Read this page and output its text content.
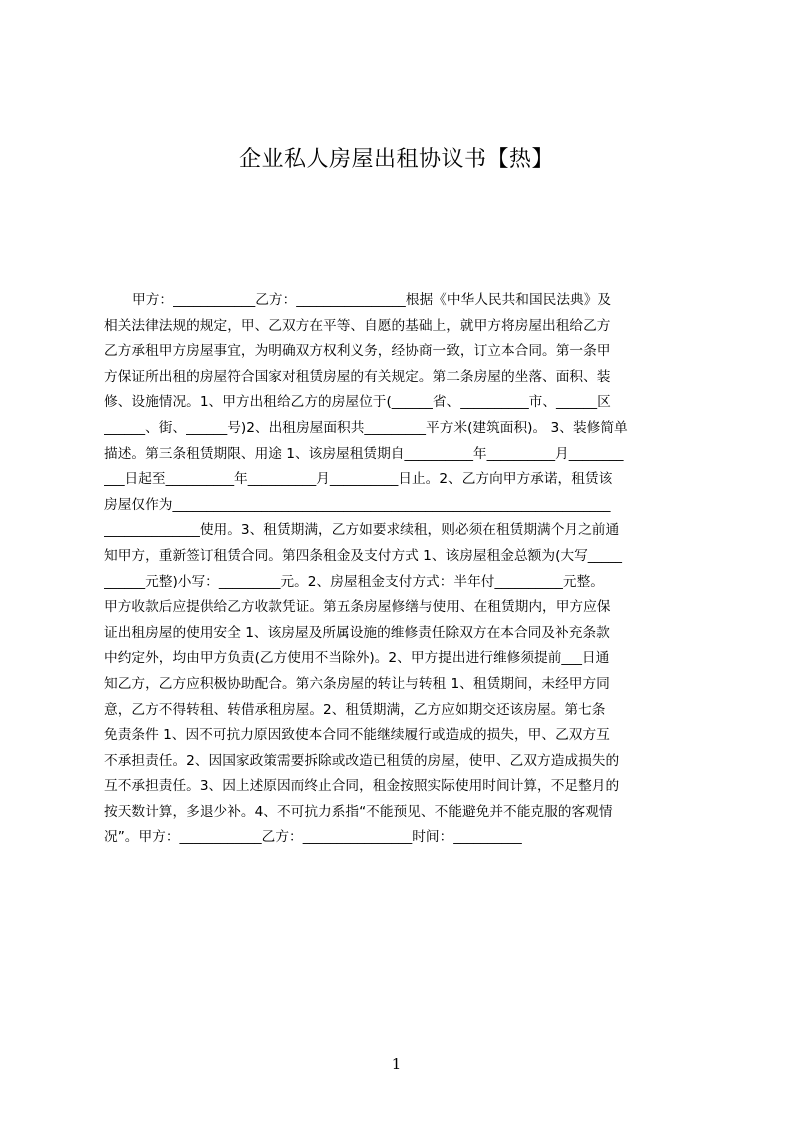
企业私人房屋出租协议书【热】
甲方：____________乙方：________________根据《中华人民共和国民法典》及
相关法律法规的规定，甲、乙双方在平等、自愿的基础上，就甲方将房屋出租给乙方
乙方承租甲方房屋事宜，为明确双方权利义务，经协商一致，订立本合同。第一条甲
方保证所出租的房屋符合国家对租赁房屋的有关规定。第二条房屋的坐落、面积、装
修、设施情况。1、甲方出租给乙方的房屋位于(______省、__________市、______区
______、街、______号)2、出租房屋面积共_________平方米(建筑面积)。 3、装修简单
描述。第三条租赁期限、用途 1、该房屋租赁期自__________年__________月________
___日起至__________年__________月__________日止。2、乙方向甲方承诺，租赁该
房屋仅作为________________________________________________________________
______________使用。3、租赁期满，乙方如要求续租，则必须在租赁期满个月之前通
知甲方，重新签订租赁合同。第四条租金及支付方式 1、该房屋租金总额为(大写_____
______元整)小写：_________元。2、房屋租金支付方式：半年付__________元整。
甲方收款后应提供给乙方收款凭证。第五条房屋修缮与使用、在租赁期内，甲方应保
证出租房屋的使用安全 1、该房屋及所属设施的维修责任除双方在本合同及补充条款
中约定外，均由甲方负责(乙方使用不当除外)。2、甲方提出进行维修须提前___日通
知乙方，乙方应积极协助配合。第六条房屋的转让与转租 1、租赁期间，未经甲方同
意，乙方不得转租、转借承租房屋。2、租赁期满，乙方应如期交还该房屋。第七条
免责条件 1、因不可抗力原因致使本合同不能继续履行或造成的损失，甲、乙双方互
不承担责任。2、因国家政策需要拆除或改造已租赁的房屋，使甲、乙双方造成损失的
互不承担责任。3、因上述原因而终止合同，租金按照实际使用时间计算，不足整月的
按天数计算，多退少补。4、不可抗力系指“不能预见、不能避免并不能克服的客观情
况”。甲方：____________乙方：________________时间：__________
1
